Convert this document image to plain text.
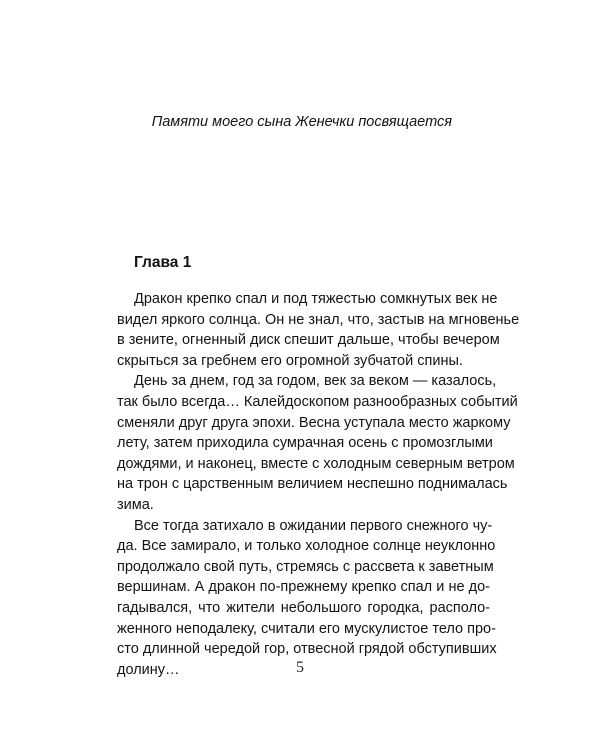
Памяти моего сына Женечки посвящается
Глава 1
Дракон крепко спал и под тяжестью сомкнутых век не
видел яркого солнца. Он не знал, что, застыв на мгновенье
в зените, огненный диск спешит дальше, чтобы вечером
скрыться за гребнем его огромной зубчатой спины.
День за днем, год за годом, век за веком — казалось,
так было всегда… Калейдоскопом разнообразных событий
сменяли друг друга эпохи. Весна уступала место жаркому
лету, затем приходила сумрачная осень с промозглыми
дождями, и наконец, вместе с холодным северным ветром
на трон с царственным величием неспешно поднималась
зима.
Все тогда затихало в ожидании первого снежного чу-
да. Все замирало, и только холодное солнце неуклонно
продолжало свой путь, стремясь с рассвета к заветным
вершинам. А дракон по-прежнему крепко спал и не до-
гадывался, что жители небольшого городка, располо-
женного неподалеку, считали его мускулистое тело про-
сто длинной чередой гор, отвесной грядой обступивших
долину…	5
